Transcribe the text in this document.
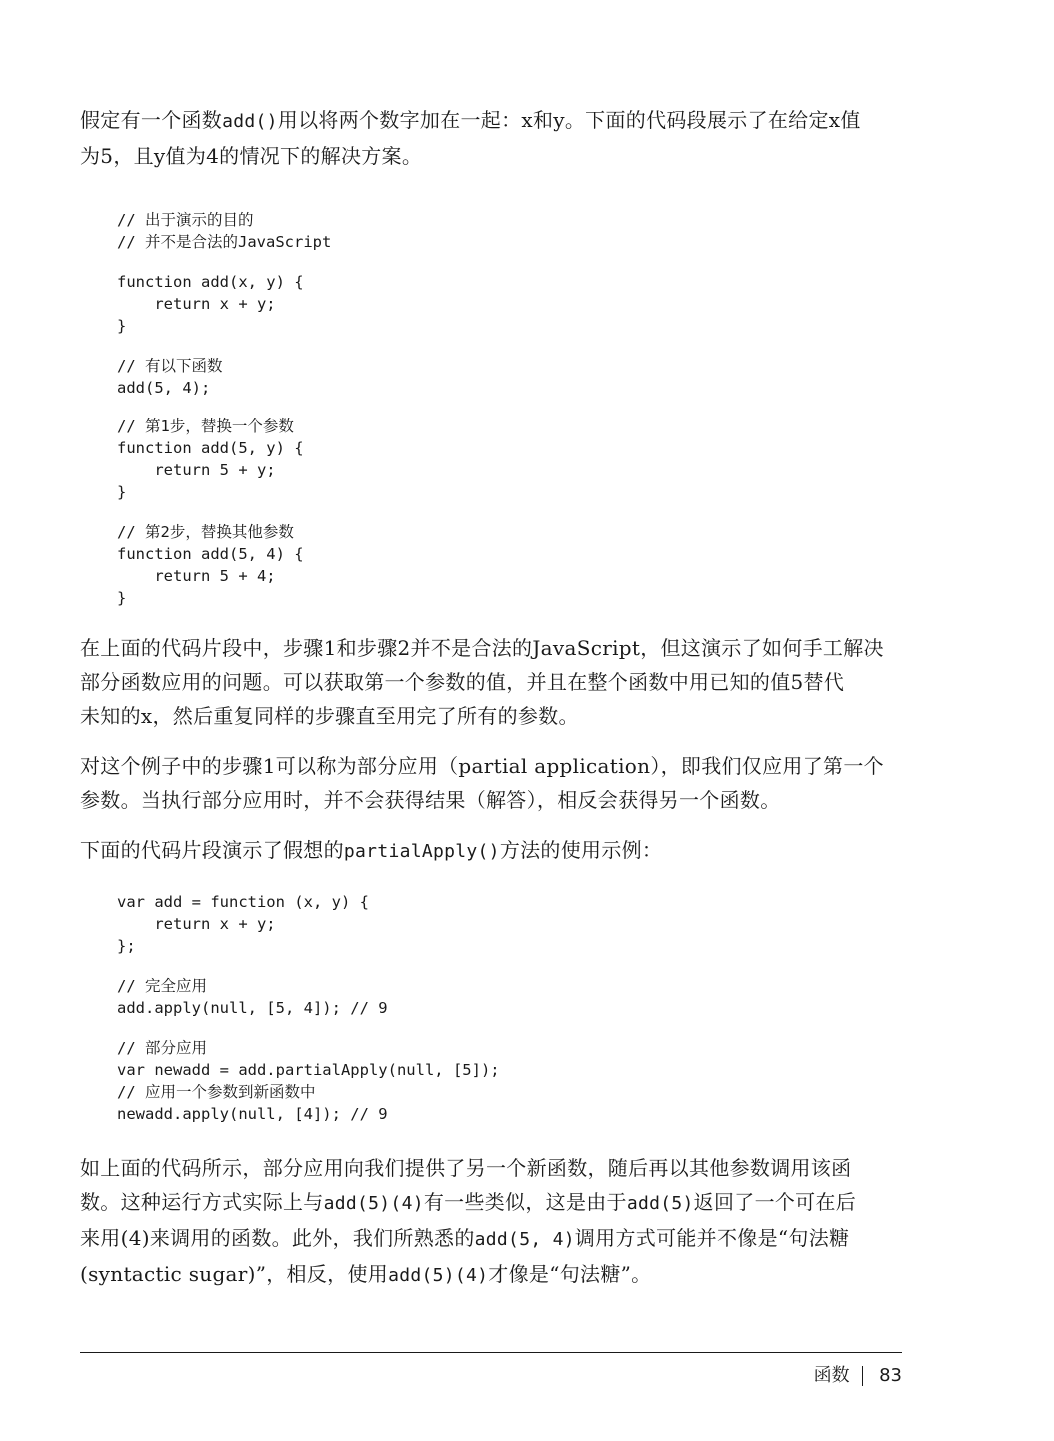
假定有一个函数add()用以将两个数字加在一起：x和y。下面的代码段展示了在给定x值
为5，且y值为4的情况下的解决方案。

// 出于演示的目的
// 并不是合法的JavaScript
function add(x, y) {
return x + y;
}
// 有以下函数
add(5, 4);
// 第1步，替换一个参数
function add(5, y) {
return 5 + y;
}
// 第2步，替换其他参数
function add(5, 4) {
return 5 + 4;
}

在上面的代码片段中，步骤1和步骤2并不是合法的JavaScript，但这演示了如何手工解决
部分函数应用的问题。可以获取第一个参数的值，并且在整个函数中用已知的值5替代
未知的x，然后重复同样的步骤直至用完了所有的参数。

对这个例子中的步骤1可以称为部分应用（partial application），即我们仅应用了第一个
参数。当执行部分应用时，并不会获得结果（解答），相反会获得另一个函数。

下面的代码片段演示了假想的partialApply()方法的使用示例：

var add = function (x, y) {
return x + y;
};
// 完全应用
add.apply(null, [5, 4]); // 9
// 部分应用
var newadd = add.partialApply(null, [5]);
// 应用一个参数到新函数中
newadd.apply(null, [4]); // 9

如上面的代码所示，部分应用向我们提供了另一个新函数，随后再以其他参数调用该函
数。这种运行方式实际上与add(5)(4)有一些类似，这是由于add(5)返回了一个可在后
来用(4)来调用的函数。此外，我们所熟悉的add(5, 4)调用方式可能并不像是“句法糖
(syntactic sugar)”，相反，使用add(5)(4)才像是“句法糖”。

函数 83
